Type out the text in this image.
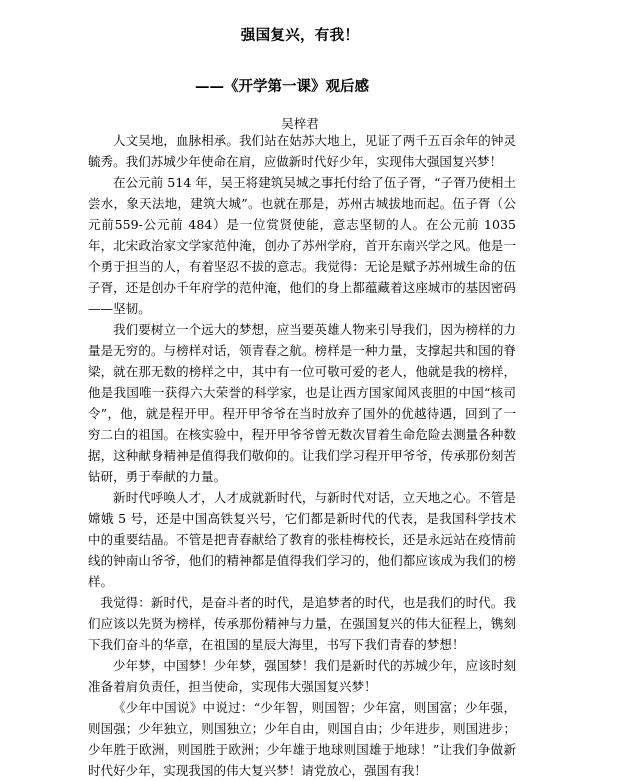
强国复兴，有我！
——《开学第一课》观后感
吴梓君

人文吴地，血脉相承。我们站在姑苏大地上，见证了两千五百余年的钟灵毓秀。我们苏城少年使命在肩，应做新时代好少年，实现伟大强国复兴梦！

在公元前 514 年，吴王将建筑吴城之事托付给了伍子胥，“子胥乃使相土尝水，象天法地，建筑大城”。也就在那是，苏州古城拔地而起。伍子胥（公元前559-公元前 484）是一位赏贤使能，意志坚韧的人。在公元前 1035 年，北宋政治家文学家范仲淹，创办了苏州学府，首开东南兴学之风。他是一个勇于担当的人，有着坚忍不拔的意志。我觉得：无论是赋予苏州城生命的伍子胥，还是创办千年府学的范仲淹，他们的身上都蕴藏着这座城市的基因密码——坚韧。

我们要树立一个远大的梦想，应当要英雄人物来引导我们，因为榜样的力量是无穷的。与榜样对话，领青春之航。榜样是一种力量，支撑起共和国的脊梁，就在那无数的榜样之中，其中有一位可敬可爱的老人，他就是我的榜样，他是我国唯一获得六大荣誉的科学家，也是让西方国家闻风丧胆的中国“核司令”，他，就是程开甲。程开甲爷爷在当时放弃了国外的优越待遇，回到了一穷二白的祖国。在核实验中，程开甲爷爷曾无数次冒着生命危险去测量各种数据，这种献身精神是值得我们敬仰的。让我们学习程开甲爷爷，传承那份刻苦钻研，勇于奉献的力量。

新时代呼唤人才，人才成就新时代，与新时代对话，立天地之心。不管是嫦娥 5 号，还是中国高铁复兴号，它们都是新时代的代表，是我国科学技术中的重要结晶。不管是把青春献给了教育的张桂梅校长，还是永远站在疫情前线的钟南山爷爷，他们的精神都是值得我们学习的，他们都应该成为我们的榜样。

我觉得：新时代，是奋斗者的时代，是追梦者的时代，也是我们的时代。我们应该以先贤为榜样，传承那份精神与力量，在强国复兴的伟大征程上，镌刻下我们奋斗的华章，在祖国的星辰大海里，书写下我们青春的梦想！

少年梦，中国梦！少年梦，强国梦！我们是新时代的苏城少年，应该时刻准备着肩负责任，担当使命，实现伟大强国复兴梦！

《少年中国说》中说过：“少年智，则国智；少年富，则国富；少年强，则国强；少年独立，则国独立；少年自由，则国自由；少年进步，则国进步；少年胜于欧洲，则国胜于欧洲；少年雄于地球则国雄于地球！”让我们争做新时代好少年，实现我国的伟大复兴梦！请党放心，强国有我！
